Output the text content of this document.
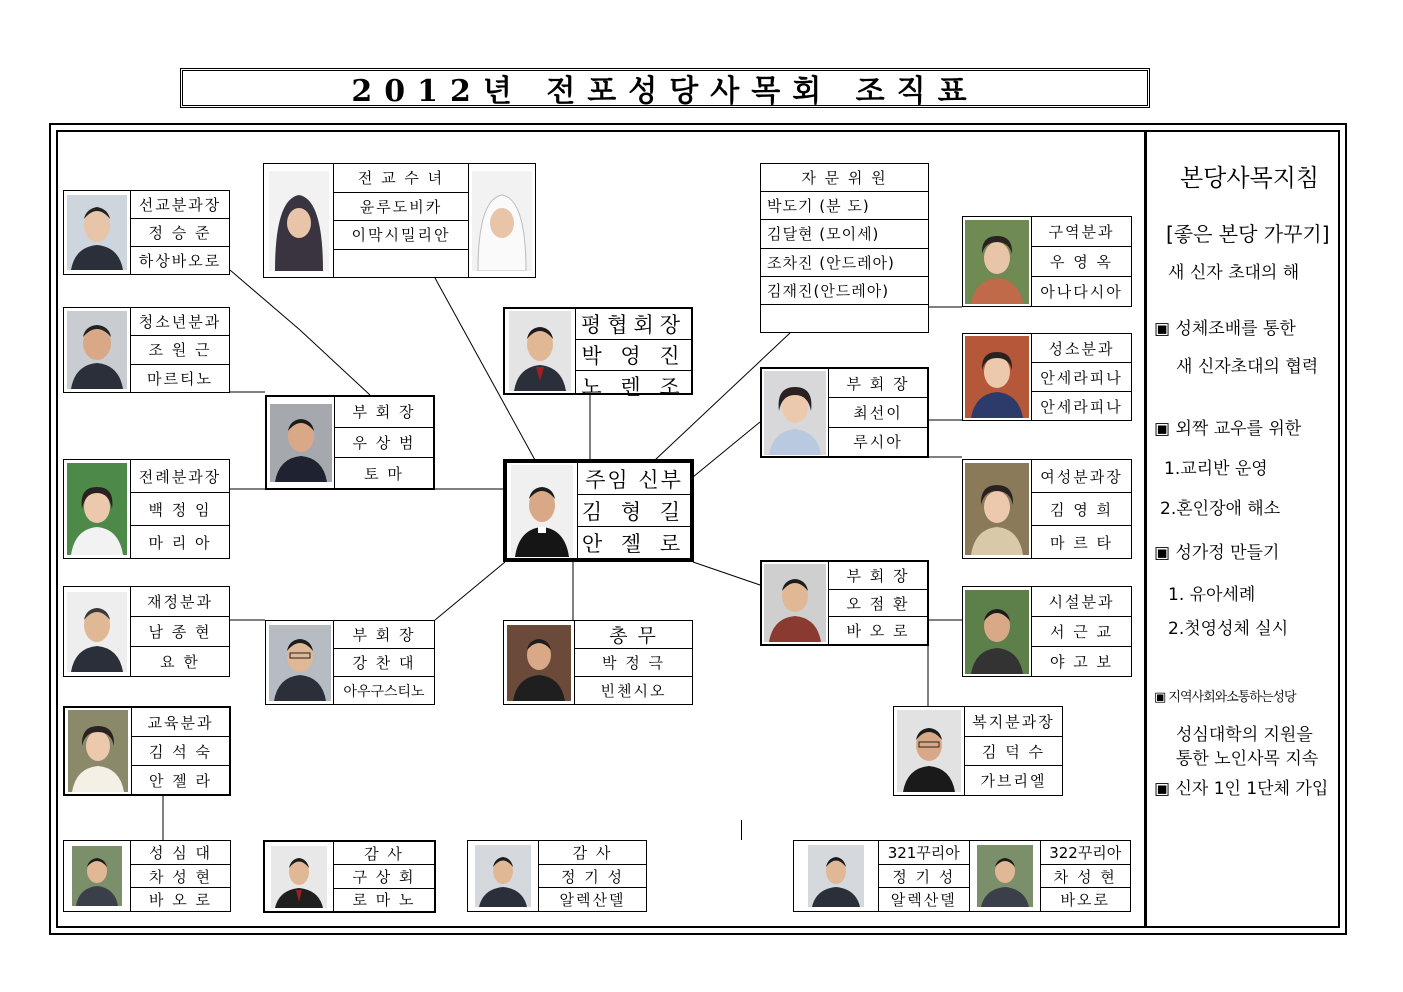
2012년 전포성당사목회 조직표
선교분과장
정 승 준
하상바오로
전 교 수 녀
윤루도비카
이막시밀리안
자 문 위 원
박도기 (분 도)
김달현 (모이세)
조차진 (안드레아)
김재진(안드레아)
구역분과
우 영 옥
아나다시아
청소년분과
조 원 근
마르티노
평협회장
박 영 진
노 렌 조	부 회 장
최선이
루시아
성소분과
안세라피나
안세라피나
부 회 장
우 상 범
토 마	주임 신부
김 형 길
안 젤 로
전례분과장
백 정 임
마 리 아
여성분과장
김 영 희
마 르 타
재정분과
남 종 현
요 한
부 회 장
강 찬 대
아우구스티노
총 무
박 정 극
빈첸시오
부 회 장
오 점 환
바 오 로
시설분과
서 근 교
야 고 보
교육분과
김 석 숙
안 젤 라
복지분과장
김 덕 수
가브리엘
성 심 대
차 성 현
바 오 로
감 사
구 상 회
로 마 노
감 사
정 기 성
알렉산델
321꾸리아
정 기 성
알렉산델
322꾸리아
차 성 현
바오로
본당사목지침
[좋은 본당 가꾸기]
새 신자 초대의 해
▣ 성체조배를 통한
새 신자초대의 협력
▣ 외짝 교우를 위한
1.교리반 운영
2.혼인장애 해소
▣ 성가정 만들기
1. 유아세례
2.첫영성체 실시
▣ 지역사회와소통하는성당
성심대학의 지원을
통한 노인사목 지속
▣ 신자 1인 1단체 가입
